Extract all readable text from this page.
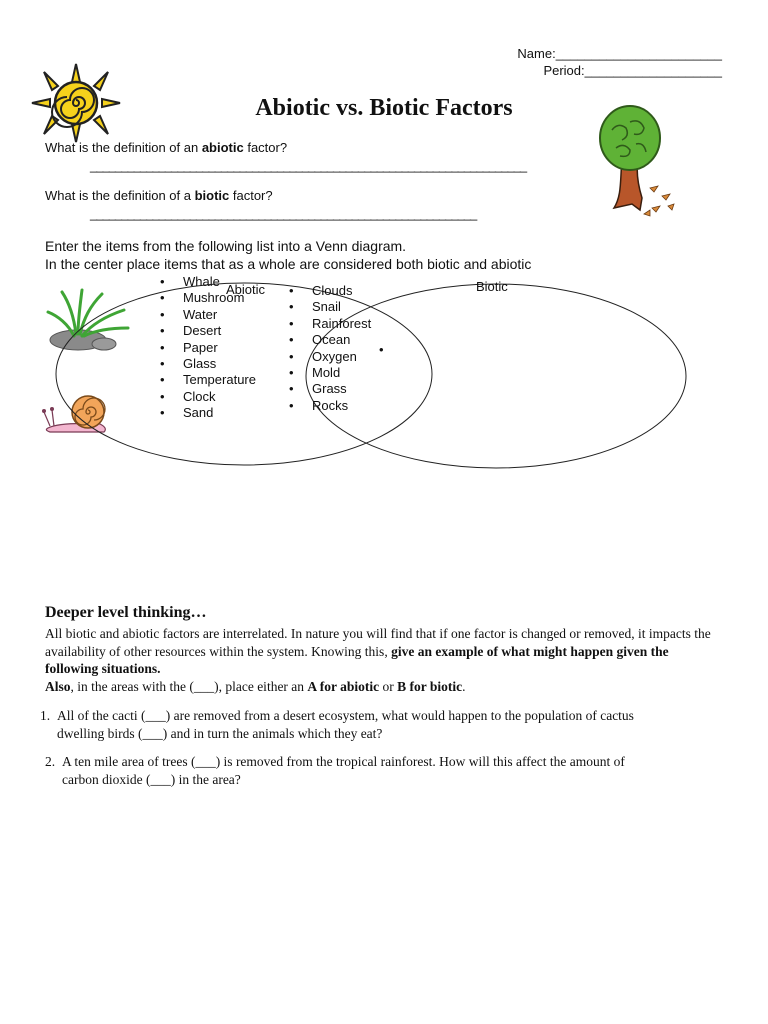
Name:_______________________
Period:___________________
Abiotic vs. Biotic Factors
What is the definition of an abiotic factor?
______________________________________________________________________
What is the definition of a biotic factor?
______________________________________________________________
Enter the items from the following list into a Venn diagram.
In the center place items that as a whole are considered both biotic and abiotic
Abiotic	Biotic
• Whale
• Mushroom
• Water
• Desert
• Paper
• Glass
• Temperature
• Clock
• Sand
• Clouds
• Snail
• Rainforest
• Ocean
• Oxygen
• Mold
• Grass
• Rocks
•
Deeper level thinking…
All biotic and abiotic factors are interrelated. In nature you will find that if one factor is changed or removed, it impacts the availability of other resources within the system. Knowing this, give an example of what might happen given the following situations.
Also, in the areas with the (___), place either an A for abiotic or B for biotic.
1. All of the cacti (___) are removed from a desert ecosystem, what would happen to the population of cactus
dwelling birds (___) and in turn the animals which they eat?
2. A ten mile area of trees (___) is removed from the tropical rainforest. How will this affect the amount of
carbon dioxide (___) in the area?
